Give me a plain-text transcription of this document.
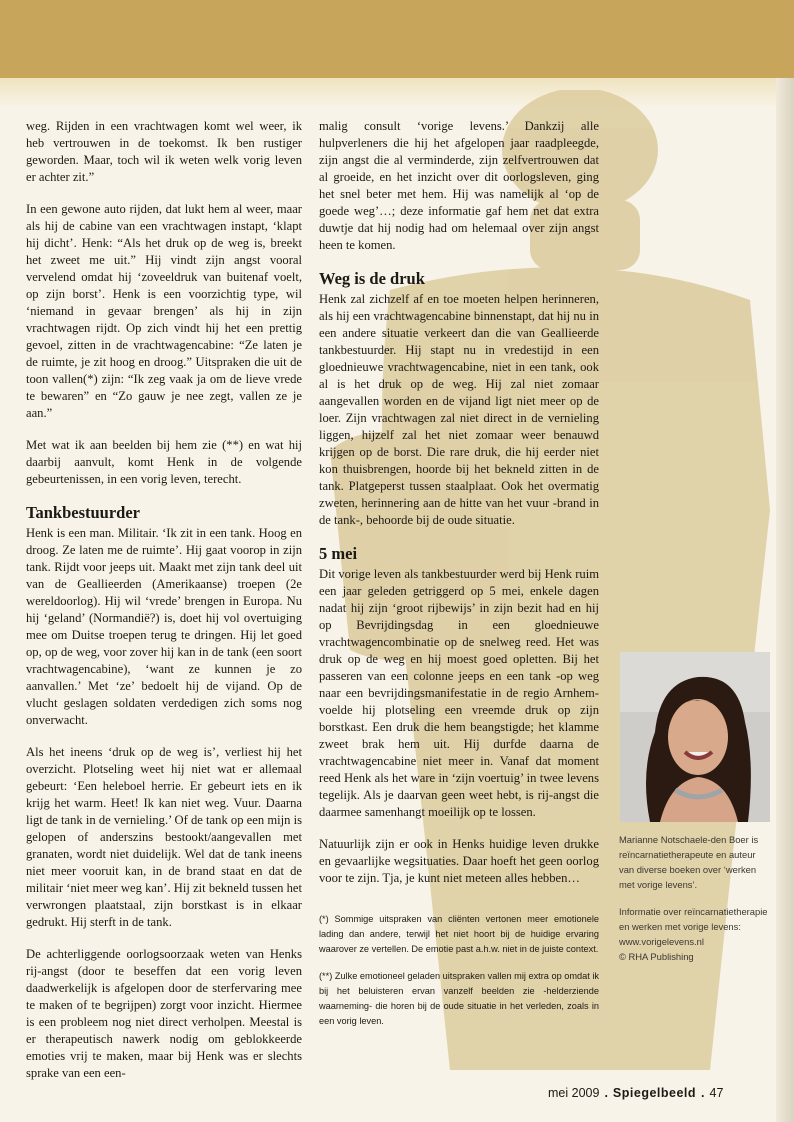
weg. Rijden in een vrachtwagen komt wel weer, ik heb vertrouwen in de toekomst. Ik ben rustiger geworden. Maar, toch wil ik weten welk vorig leven er achter zit.”

In een gewone auto rijden, dat lukt hem al weer, maar als hij de cabine van een vrachtwagen instapt, ‘klapt hij dicht’. Henk: “Als het druk op de weg is, breekt het zweet me uit.” Hij vindt zijn angst vooral vervelend omdat hij ‘zoveeldruk van buitenaf voelt, op zijn borst’. Henk is een voorzichtig type, wil ‘niemand in gevaar brengen’ als hij in zijn vrachtwagen rijdt. Op zich vindt hij het een prettig gevoel, zitten in de vrachtwagencabine: “Ze laten je de ruimte, je zit hoog en droog.” Uitspraken die uit de toon vallen(*) zijn: “Ik zeg vaak ja om de lieve vrede te bewaren” en “Zo gauw je nee zegt, vallen ze je aan.”

Met wat ik aan beelden bij hem zie (**) en wat hij daarbij aanvult, komt Henk in de volgende gebeurtenissen, in een vorig leven, terecht.

Tankbestuurder

Henk is een man. Militair. ‘Ik zit in een tank. Hoog en droog. Ze laten me de ruimte’. Hij gaat voorop in zijn tank. Rijdt voor jeeps uit. Maakt met zijn tank deel uit van de Geallieerden (Amerikaanse) troepen (2e wereldoorlog). Hij wil ‘vrede’ brengen in Europa. Nu hij ‘geland’ (Normandië?) is, doet hij vol overtuiging mee om Duitse troepen terug te dringen. Hij let goed op, op de weg, voor zover hij kan in de tank (een soort vrachtwagencabine), ‘want ze kunnen je zo aanvallen.’ Met ‘ze’ bedoelt hij de vijand. Op de vlucht geslagen soldaten verdedigen zich soms nog onverwacht.

Als het ineens ‘druk op de weg is’, verliest hij het overzicht. Plotseling weet hij niet wat er allemaal gebeurt: ‘Een heleboel herrie. Er gebeurt iets en ik krijg het warm. Heet! Ik kan niet weg. Vuur. Daarna ligt de tank in de vernieling.’ Of de tank op een mijn is gelopen of anderszins bestookt/aangevallen met granaten, wordt niet duidelijk. Wel dat de tank ineens niet meer vooruit kan, in de brand staat en dat de militair ‘niet meer weg kan’. Hij zit bekneld tussen het verwrongen plaatstaal, zijn borstkast is in elkaar gedrukt. Hij sterft in de tank.

De achterliggende oorlogsoorzaak weten van Henks rij-angst (door te beseffen dat een vorig leven daadwerkelijk is afgelopen door de sterfervaring mee te maken of te begrijpen) zorgt voor inzicht. Hiermee is een probleem nog niet direct verholpen. Meestal is er therapeutisch nawerk nodig om geblokkeerde emoties vrij te maken, maar bij Henk was er slechts sprake van een een-

malig consult ‘vorige levens.’ Dankzij alle hulpverleners die hij het afgelopen jaar raadpleegde, zijn angst die al verminderde, zijn zelfvertrouwen dat al groeide, en het inzicht over dit oorlogsleven, ging het snel beter met hem. Hij was namelijk al ‘op de goede weg’…; deze informatie gaf hem net dat extra duwtje dat hij nodig had om helemaal over zijn angst heen te komen.

Weg is de druk

Henk zal zichzelf af en toe moeten helpen herinneren, als hij een vrachtwagencabine binnenstapt, dat hij nu in een andere situatie verkeert dan die van Geallieerde tankbestuurder. Hij stapt nu in vredestijd in een gloednieuwe vrachtwagencabine, niet in een tank, ook al is het druk op de weg. Hij zal niet zomaar aangevallen worden en de vijand ligt niet meer op de loer. Zijn vrachtwagen zal niet direct in de vernieling liggen, hijzelf zal het niet zomaar weer benauwd krijgen op de borst. Die rare druk, die hij eerder niet kon thuisbrengen, hoorde bij het bekneld zitten in de tank. Platgeperst tussen staalplaat. Ook het overmatig zweten, herinnering aan de hitte van het vuur -brand in de tank-, behoorde bij de oude situatie.

5 mei

Dit vorige leven als tankbestuurder werd bij Henk ruim een jaar geleden getriggerd op 5 mei, enkele dagen nadat hij zijn ‘groot rijbewijs’ in zijn bezit had en hij op Bevrijdingsdag in een gloednieuwe vrachtwagencombinatie op de snelweg reed. Het was druk op de weg en hij moest goed opletten. Bij het passeren van een colonne jeeps en een tank -op weg naar een bevrijdingsmanifestatie in de regio Arnhem- voelde hij plotseling een vreemde druk op zijn borstkast. Een druk die hem beangstigde; het klamme zweet brak hem uit. Hij durfde daarna de vrachtwagencabine niet meer in. Vanaf dat moment reed Henk als het ware in ‘zijn voertuig’ in twee levens tegelijk. Als je daarvan geen weet hebt, is rij-angst die daarmee samenhangt moeilijk op te lossen.

Natuurlijk zijn er ook in Henks huidige leven drukke en gevaarlijke wegsituaties. Daar hoeft het geen oorlog voor te zijn. Tja, je kunt niet meteen alles hebben…

(*) Sommige uitspraken van cliënten vertonen meer emotionele lading dan andere, terwijl het niet hoort bij de huidige ervaring waarover ze vertellen. De emotie past a.h.w. niet in de juiste context.

(**) Zulke emotioneel geladen uitspraken vallen mij extra op omdat ik bij het beluisteren ervan vanzelf beelden zie -helderziende waarneming- die horen bij de oude situatie in het verleden, zoals in een vorig leven.

Marianne Notschaele-den Boer is reïncarnatietherapeute en auteur van diverse boeken over ‘werken met vorige levens’.

Informatie over reïncarnatietherapie en werken met vorige levens:
www.vorigelevens.nl
© RHA Publishing

mei 2009 . Spiegelbeeld . 47
